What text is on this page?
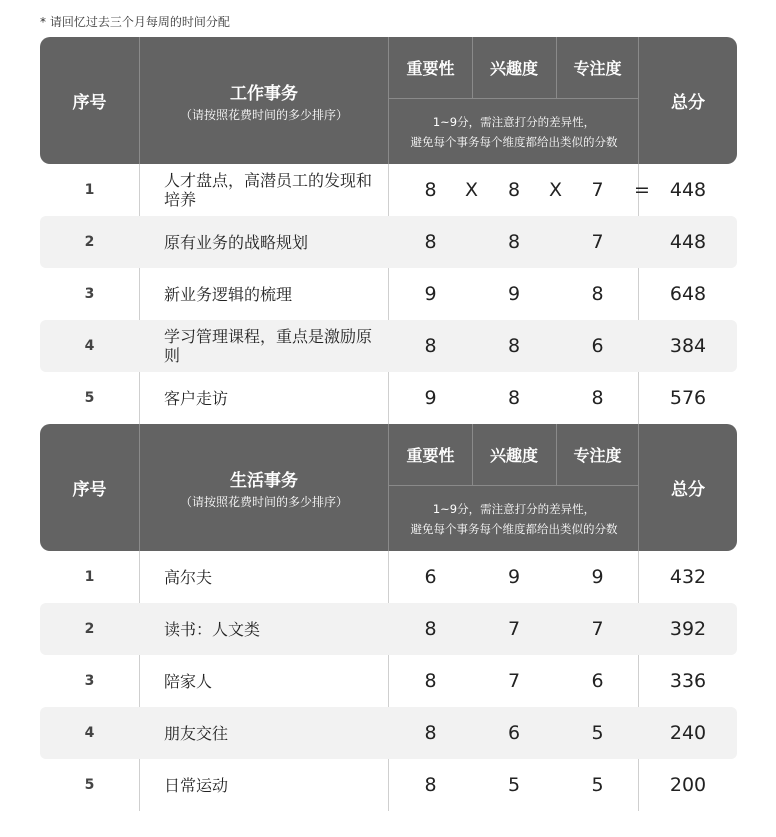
* 请回忆过去三个月每周的时间分配
序号	工作事务
（请按照花费时间的多少排序）
重要性	兴趣度	专注度
1~9分，需注意打分的差异性，
避免每个事务每个维度都给出类似的分数
总分
1	人才盘点，高潜员工的发现和培养	8	X	8	X	7	=	448
2	原有业务的战略规划	8	8	7	448
3	新业务逻辑的梳理	9	9	8	648
4	学习管理课程，重点是激励原则	8	8	6	384
5	客户走访	9	8	8	576
序号	生活事务
（请按照花费时间的多少排序）
重要性	兴趣度	专注度
1~9分，需注意打分的差异性，
避免每个事务每个维度都给出类似的分数
总分
1	高尔夫	6	9	9	432
2	读书：人文类	8	7	7	392
3	陪家人	8	7	6	336
4	朋友交往	8	6	5	240
5	日常运动	8	5	5	200
